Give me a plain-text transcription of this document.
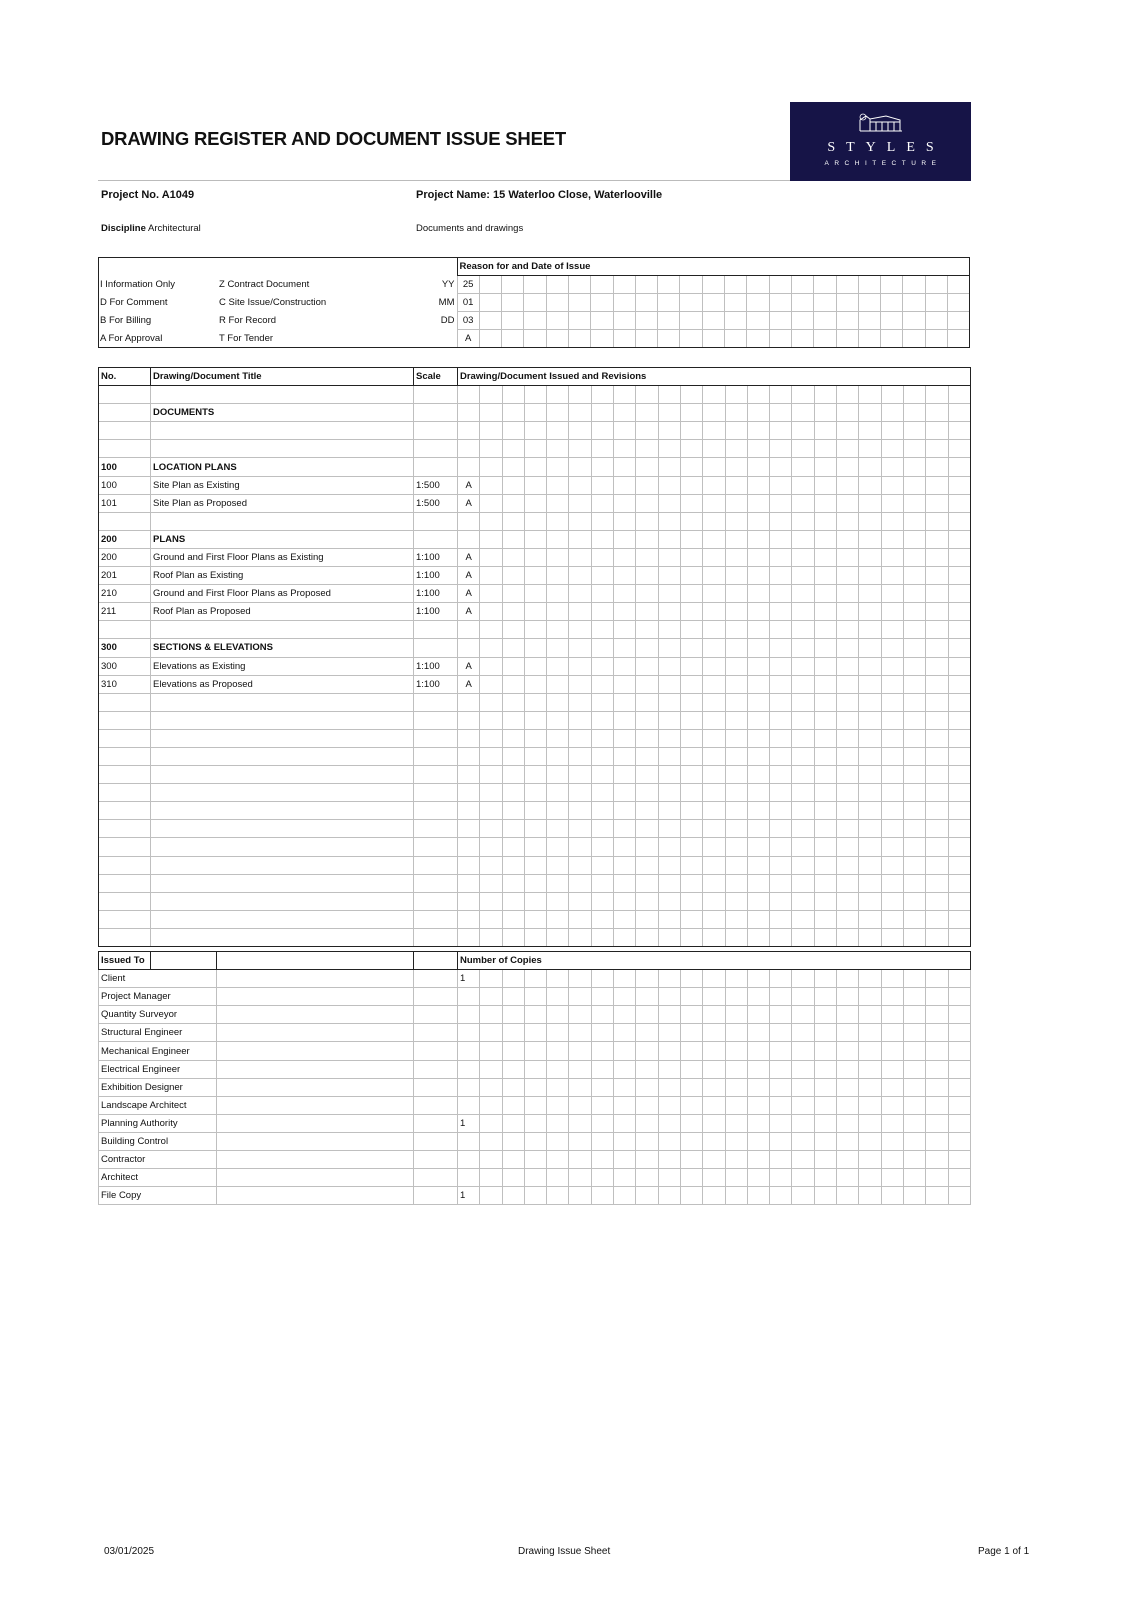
DRAWING REGISTER AND DOCUMENT ISSUE SHEET	STYLES
ARCHITECTURE
Project No. A1049	Project Name: 15 Waterloo Close, Waterlooville
Discipline Architectural	Documents and drawings
			Reason for and Date of Issue																						
I Information Only	Z Contract Document	YY	25																						
D For Comment	C Site Issue/Construction	MM	01																						
B For Billing	R For Record	DD	03																						
A For Approval	T For Tender		A																						
No.	Drawing/Document Title	Scale	Drawing/Document Issued and Revisions																						

	DOCUMENTS																								

100	LOCATION PLANS																								
100	Site Plan as Existing	1:500	A																						
101	Site Plan as Proposed	1:500	A																						

200	PLANS																								
200	Ground and First Floor Plans as Existing	1:100	A																						
201	Roof Plan as Existing	1:100	A																						
210	Ground and First Floor Plans as Proposed	1:100	A																						
211	Roof Plan as Proposed	1:100	A																						

300	SECTIONS & ELEVATIONS																								
300	Elevations as Existing	1:100	A																						
310	Elevations as Proposed	1:100	A																						

Issued To				Number of Copies																						
Client				1																						
Project Manager																										
Quantity Surveyor																										
Structural Engineer																										
Mechanical Engineer																										
Electrical Engineer																										
Exhibition Designer																										
Landscape Architect																										
Planning Authority				1																						
Building Control																										
Contractor																										
Architect																										
File Copy				1																						
03/01/2025	Drawing Issue Sheet	Page 1 of 1
